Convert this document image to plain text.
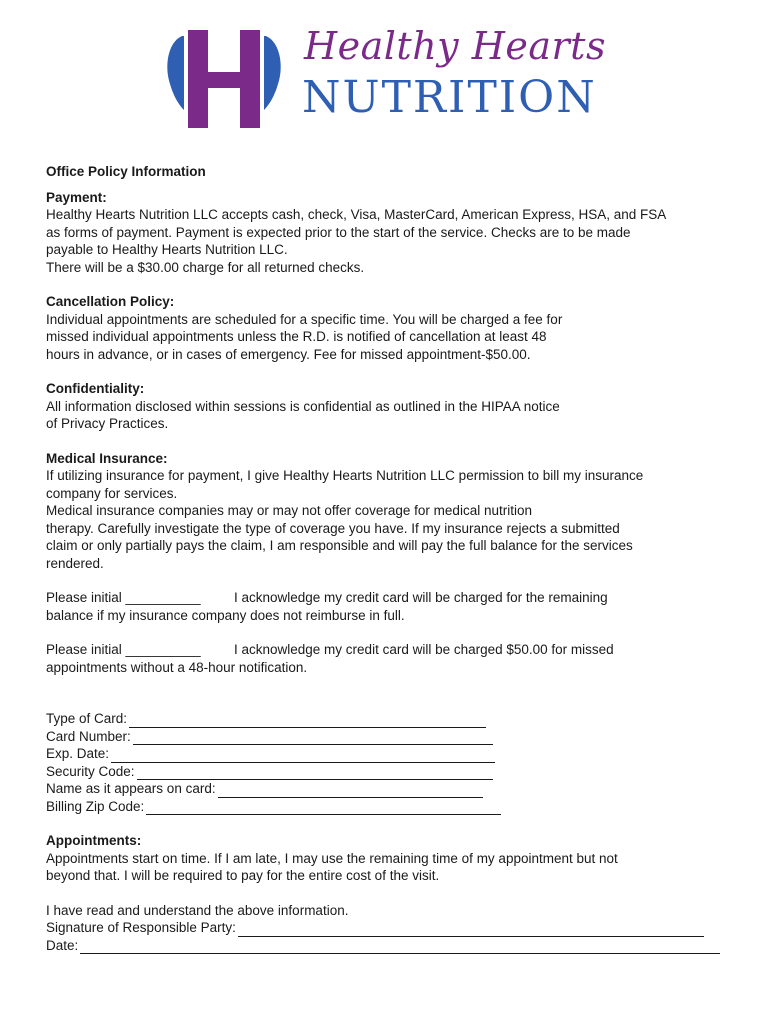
Healthy Hearts
NUTRITION

Office Policy Information

Payment:

Healthy Hearts Nutrition LLC accepts cash, check, Visa, MasterCard, American Express, HSA, and FSA

as forms of payment. Payment is expected prior to the start of the service. Checks are to be made

payable to Healthy Hearts Nutrition LLC.

There will be a $30.00 charge for all returned checks.

Cancellation Policy:

Individual appointments are scheduled for a specific time. You will be charged a fee for

missed individual appointments unless the R.D. is notified of cancellation at least 48

hours in advance, or in cases of emergency. Fee for missed appointment-$50.00.

Confidentiality:

All information disclosed within sessions is confidential as outlined in the HIPAA notice

of Privacy Practices.

Medical Insurance:

If utilizing insurance for payment, I give Healthy Hearts Nutrition LLC permission to bill my insurance

company for services.

Medical insurance companies may or may not offer coverage for medical nutrition

therapy. Carefully investigate the type of coverage you have. If my insurance rejects a submitted

claim or only partially pays the claim, I am responsible and will pay the full balance for the services

rendered.

Please initial __________	I acknowledge my credit card will be charged for the remaining

balance if my insurance company does not reimburse in full.

Please initial __________	I acknowledge my credit card will be charged $50.00 for missed

appointments without a 48-hour notification.

Type of Card:
Card Number:
Exp. Date:
Security Code:
Name as it appears on card:
Billing Zip Code:

Appointments:

Appointments start on time. If I am late, I may use the remaining time of my appointment but not

beyond that. I will be required to pay for the entire cost of the visit.

I have read and understand the above information.

Signature of Responsible Party:
Date:
